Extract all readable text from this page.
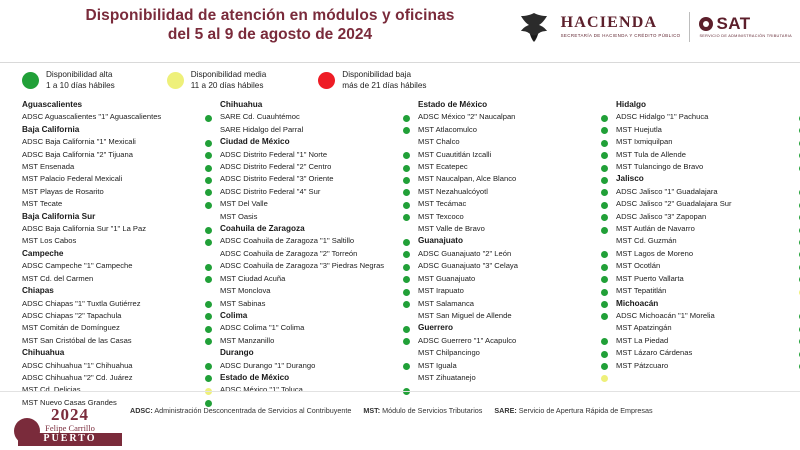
Disponibilidad de atención en módulos y oficinas
del 5 al 9 de agosto de 2024
HACIENDA
SECRETARÍA DE HACIENDA Y CRÉDITO PÚBLICO
SAT
SERVICIO DE ADMINISTRACIÓN TRIBUTARIA
Disponibilidad alta
1 a 10 días hábiles
Disponibilidad media
11 a 20 días hábiles
Disponibilidad baja
más de 21 días hábiles
Aguascalientes
ADSC Aguascalientes "1" Aguascalientes
Baja California
ADSC Baja California "1" Mexicali
ADSC Baja California "2" Tijuana
MST Ensenada
MST Palacio Federal Mexicali
MST Playas de Rosarito
MST Tecate
Baja California Sur
ADSC Baja California Sur "1" La Paz
MST Los Cabos
Campeche
ADSC Campeche "1" Campeche
MST Cd. del Carmen
Chiapas
ADSC Chiapas "1" Tuxtla Gutiérrez
ADSC Chiapas "2" Tapachula
MST Comitán de Domínguez
MST San Cristóbal de las Casas
Chihuahua
ADSC Chihuahua "1" Chihuahua
ADSC Chihuahua "2" Cd. Juárez
MST Cd. Delicias
MST Nuevo Casas Grandes
Chihuahua
SARE Cd. Cuauhtémoc
SARE Hidalgo del Parral
Ciudad de México
ADSC Distrito Federal "1" Norte
ADSC Distrito Federal "2" Centro
ADSC Distrito Federal "3" Oriente
ADSC Distrito Federal "4" Sur
MST Del Valle
MST Oasis
Coahuila de Zaragoza
ADSC Coahuila de Zaragoza "1" Saltillo
ADSC Coahuila de Zaragoza "2" Torreón
ADSC Coahuila de Zaragoza "3" Piedras Negras
MST Ciudad Acuña
MST Monclova
MST Sabinas
Colima
ADSC Colima "1" Colima
MST Manzanillo
Durango
ADSC Durango "1" Durango
Estado de México
ADSC México "1" Toluca
Estado de México
ADSC México "2" Naucalpan
MST Atlacomulco
MST Chalco
MST Cuautitlán Izcalli
MST Ecatepec
MST Naucalpan, Alce Blanco
MST Nezahualcóyotl
MST Tecámac
MST Texcoco
MST Valle de Bravo
Guanajuato
ADSC Guanajuato "2" León
ADSC Guanajuato "3" Celaya
MST Guanajuato
MST Irapuato
MST Salamanca
MST San Miguel de Allende
Guerrero
ADSC Guerrero "1" Acapulco
MST Chilpancingo
MST Iguala
MST Zihuatanejo
Hidalgo
ADSC Hidalgo "1" Pachuca
MST Huejutla
MST Ixmiquilpan
MST Tula de Allende
MST Tulancingo de Bravo
Jalisco
ADSC Jalisco "1" Guadalajara
ADSC Jalisco "2" Guadalajara Sur
ADSC Jalisco "3" Zapopan
MST Autlán de Navarro
MST Cd. Guzmán
MST Lagos de Moreno
MST Ocotlán
MST Puerto Vallarta
MST Tepatitlán
Michoacán
ADSC Michoacán "1" Morelia
MST Apatzingán
MST La Piedad
MST Lázaro Cárdenas
MST Pátzcuaro
2024
Felipe Carrillo
PUERTO
ADSC: Administración Desconcentrada de Servicios al Contribuyente MST: Módulo de Servicios Tributarios SARE: Servicio de Apertura Rápida de Empresas
